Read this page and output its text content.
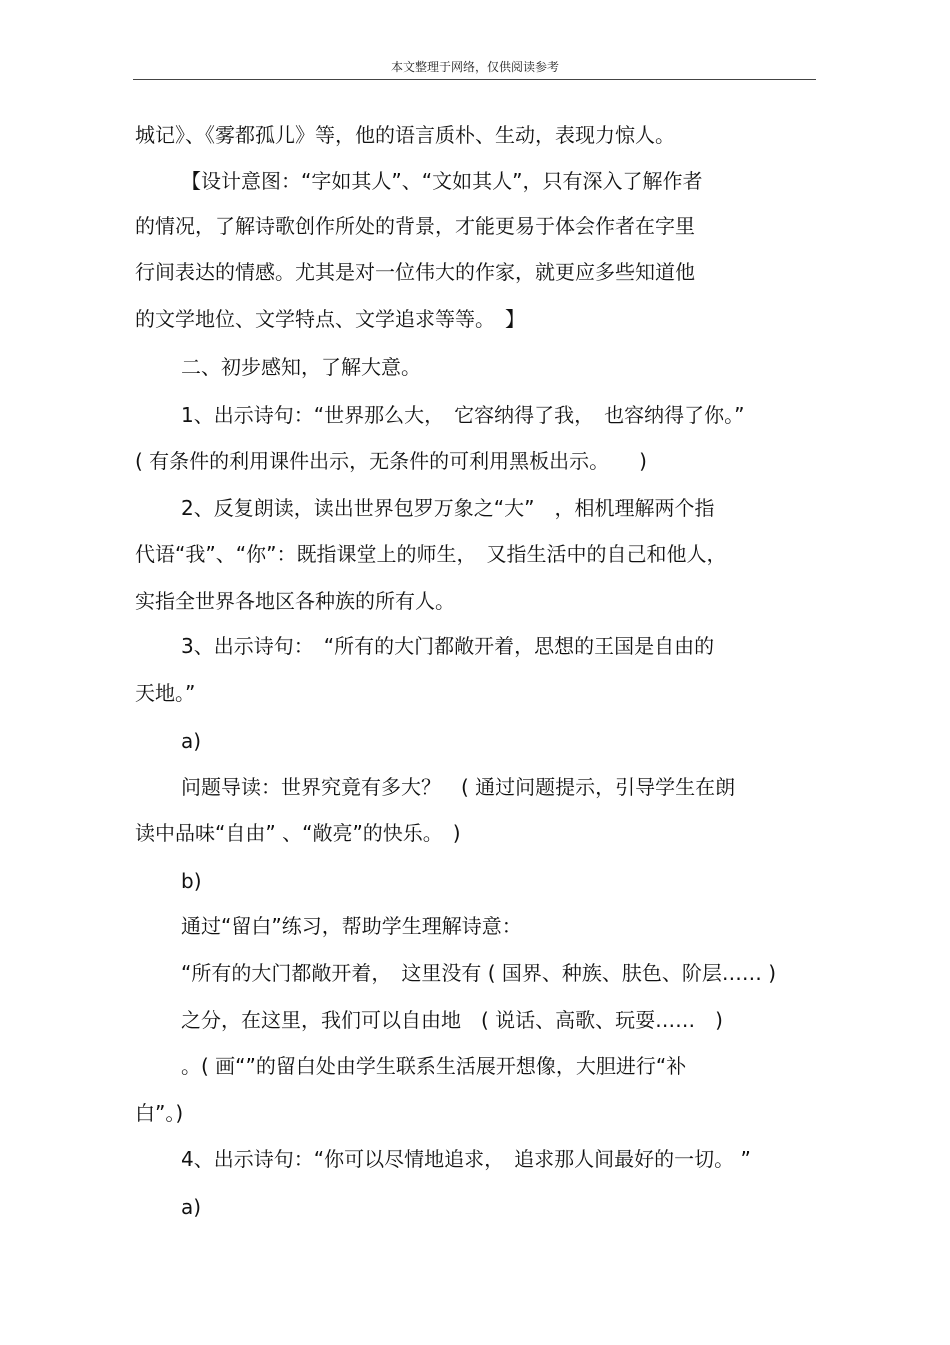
本文整理于网络，仅供阅读参考
城记》、《雾都孤儿》等，他的语言质朴、生动，表现力惊人。
【设计意图：“字如其人”、“文如其人”，只有深入了解作者
的情况，了解诗歌创作所处的背景，才能更易于体会作者在字里
行间表达的情感。尤其是对一位伟大的作家，就更应多些知道他
的文学地位、文学特点、文学追求等等。　】
二、初步感知，了解大意。
1、出示诗句：“世界那么大，　它容纳得了我，　也容纳得了你。”
( 有条件的利用课件出示，无条件的可利用黑板出示。　　)
2、反复朗读，读出世界包罗万象之“大”　，相机理解两个指
代语“我”、“你”：既指课堂上的师生，　又指生活中的自己和他人，
实指全世界各地区各种族的所有人。
3、出示诗句：　“所有的大门都敞开着，思想的王国是自由的
天地。”
a)
问题导读：世界究竟有多大？　( 通过问题提示，引导学生在朗
读中品味“自由” 、“敞亮”的快乐。　)
b)
通过“留白”练习，帮助学生理解诗意：
“所有的大门都敞开着，　这里没有 ( 国界、种族、肤色、阶层…… )
之分，在这里，我们可以自由地　( 说话、高歌、玩耍……　)
。( 画“”的留白处由学生联系生活展开想像，大胆进行“补
白”。)
4、出示诗句：“你可以尽情地追求，　追求那人间最好的一切。 ”
a)
